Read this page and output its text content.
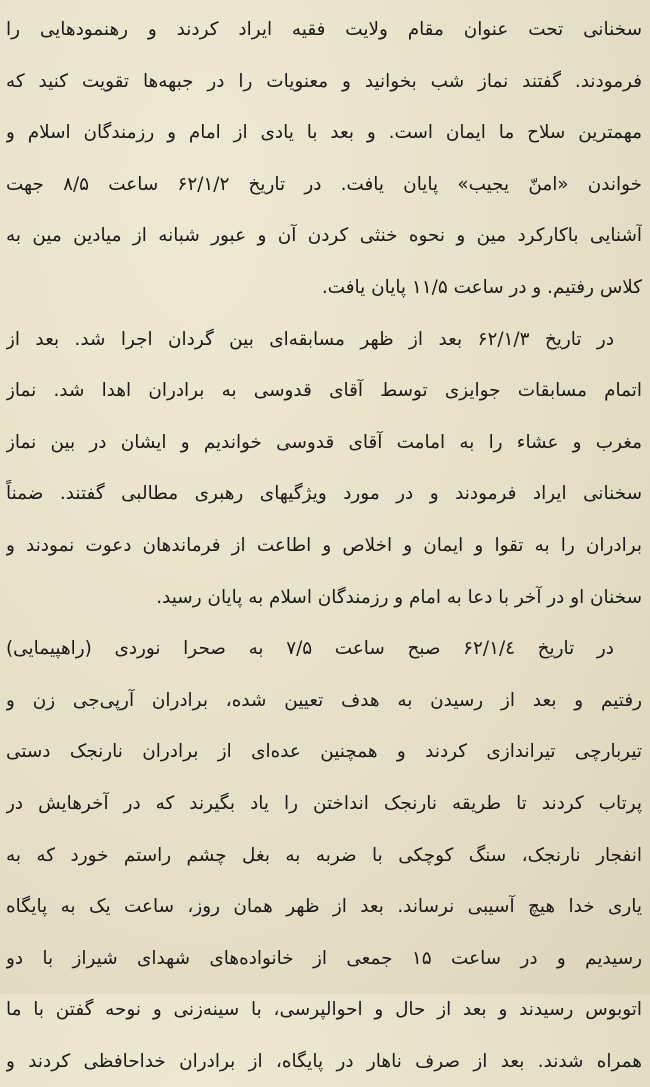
سخنانی تحت عنوان مقام ولایت فقیه ایراد کردند و رهنمودهایی را
فرمودند. گفتند نماز شب بخوانید و معنویات را در جبهه‌ها تقویت کنید که
مهمترین سلاح ما ایمان است. و بعد با یادی از امام و رزمندگان اسلام و
خواندن «امنّ یجیب» پایان یافت. در تاریخ ۶۲/۱/۲ ساعت ۸/۵ جهت
آشنایی باکارکرد مین و نحوه خنثی کردن آن و عبور شبانه از میادین مین به
کلاس رفتیم. و در ساعت ۱۱/۵ پایان یافت.
در تاریخ ۶۲/۱/۳ بعد از ظهر مسابقه‌ای بین گردان اجرا شد. بعد از
اتمام مسابقات جوایزی توسط آقای قدوسی به برادران اهدا شد. نماز
مغرب و عشاء را به امامت آقای قدوسی خواندیم و ایشان در بین نماز
سخنانی ایراد فرمودند و در مورد ویژگیهای رهبری مطالبی گفتند. ضمناً
برادران را به تقوا و ایمان و اخلاص و اطاعت از فرماندهان دعوت نمودند و
سخنان او در آخر با دعا به امام و رزمندگان اسلام به پایان رسید.
در تاریخ ۶۲/۱/٤ صبح ساعت ۷/۵ به صحرا نوردی (راهپیمایی)
رفتیم و بعد از رسیدن به هدف تعیین شده، برادران آرپی‌جی زن و
تیربارچی تیراندازی کردند و همچنین عده‌ای از برادران نارنجک دستی
پرتاب کردند تا طریقه نارنجک انداختن را یاد بگیرند که در آخرهایش در
انفجار نارنجک، سنگ کوچکی با ضربه به بغل چشم راستم خورد که به
یاری خدا هیچ آسیبی نرساند. بعد از ظهر همان روز، ساعت یک به پایگاه
رسیدیم و در ساعت ۱۵ جمعی از خانواده‌های شهدای شیراز با دو
اتوبوس رسیدند و بعد از حال و احوالپرسی، با سینه‌زنی و نوحه گفتن با ما
همراه شدند. بعد از صرف ناهار در پایگاه، از برادران خداحافظی کردند و
